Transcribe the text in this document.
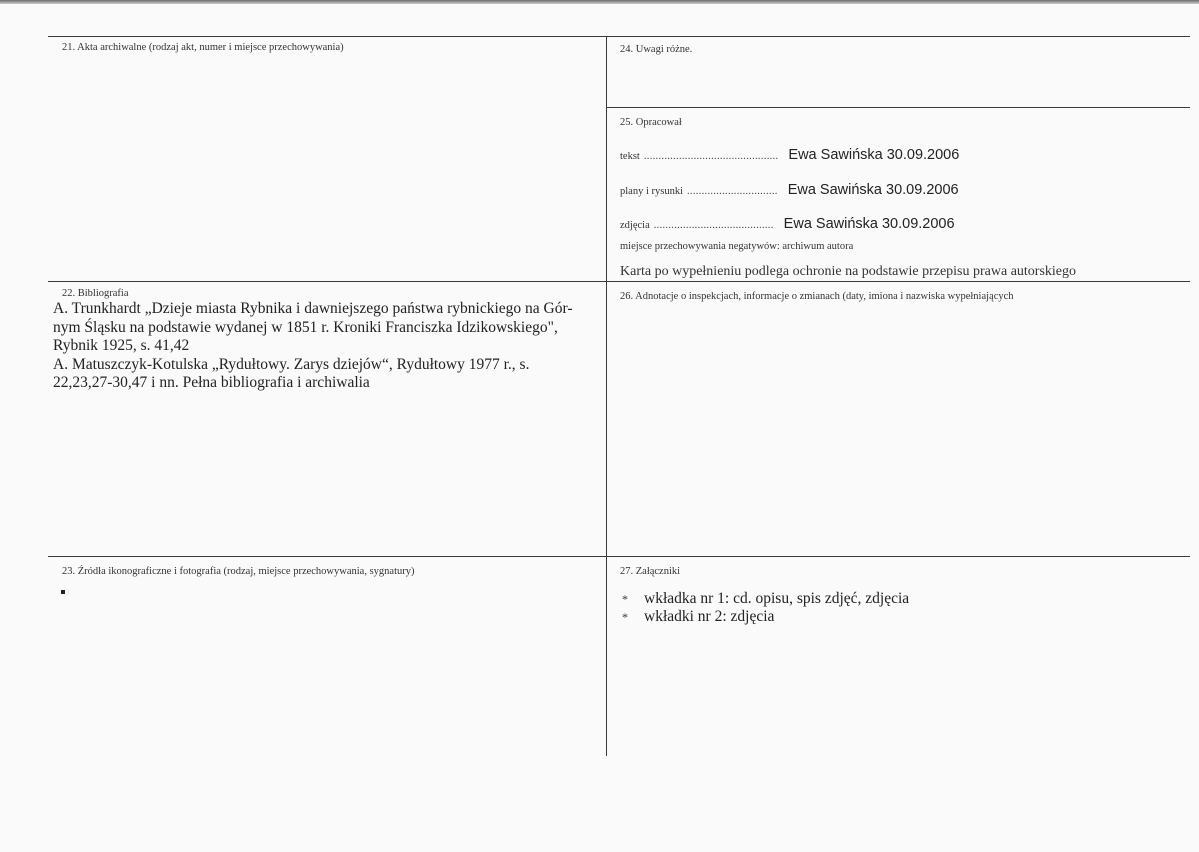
21. Akta archiwalne (rodzaj akt, numer i miejsce przechowywania)
22. Bibliografia
A. Trunkhardt „Dzieje miasta Rybnika i dawniejszego państwa rybnickiego na Gór-
nym Śląsku na podstawie wydanej w 1851 r. Kroniki Franciszka Idzikowskiego",
Rybnik 1925, s. 41,42
A. Matuszczyk-Kotulska „Rydułtowy. Zarys dziejów“, Rydułtowy 1977 r., s.
22,23,27-30,47 i nn. Pełna bibliografia i archiwalia
23. Źródła ikonograficzne i fotografia (rodzaj, miejsce przechowywania, sygnatury)
24. Uwagi różne.
25. Opracował
tekst .............................................. Ewa Sawińska 30.09.2006
plany i rysunki ............................... Ewa Sawińska 30.09.2006
zdjęcia ......................................... Ewa Sawińska 30.09.2006
miejsce przechowywania negatywów: archiwum autora
Karta po wypełnieniu podlega ochronie na podstawie przepisu prawa autorskiego
26. Adnotacje o inspekcjach, informacje o zmianach (daty, imiona i nazwiska wypełniających
27. Załączniki
* wkładka nr 1: cd. opisu, spis zdjęć, zdjęcia
* wkładki nr 2: zdjęcia
